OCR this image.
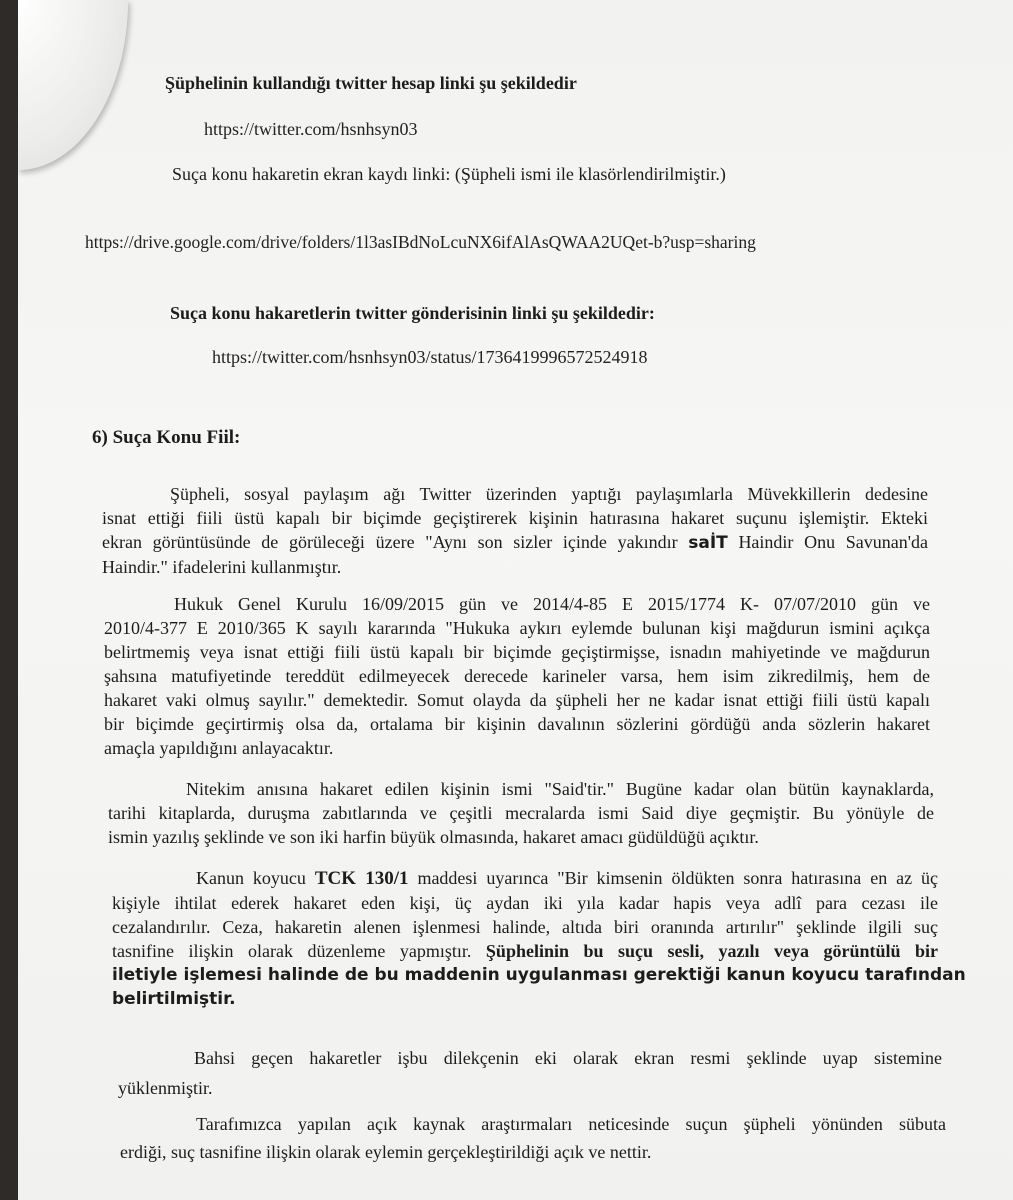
Şüphelinin kullandığı twitter hesap linki şu şekildedir
https://twitter.com/hsnhsyn03
Suça konu hakaretin ekran kaydı linki: (Şüpheli ismi ile klasörlendirilmiştir.)
https://drive.google.com/drive/folders/1l3asIBdNoLcuNX6ifAlAsQWAA2UQet-b?usp=sharing
Suça konu hakaretlerin twitter gönderisinin linki şu şekildedir:
https://twitter.com/hsnhsyn03/status/1736419996572524918
6) Suça Konu Fiil:
Şüpheli, sosyal paylaşım ağı Twitter üzerinden yaptığı paylaşımlarla Müvekkillerin dedesine
isnat ettiği fiili üstü kapalı bir biçimde geçiştirerek kişinin hatırasına hakaret suçunu işlemiştir. Ekteki
ekran görüntüsünde de görüleceği üzere "Aynı son sizler içinde yakındır saİT Haindir Onu Savunan'da
Haindir." ifadelerini kullanmıştır.
Hukuk Genel Kurulu 16/09/2015 gün ve 2014/4-85 E 2015/1774 K- 07/07/2010 gün ve
2010/4-377 E 2010/365 K sayılı kararında "Hukuka aykırı eylemde bulunan kişi mağdurun ismini açıkça
belirtmemiş veya isnat ettiği fiili üstü kapalı bir biçimde geçiştirmişse, isnadın mahiyetinde ve mağdurun
şahsına matufiyetinde tereddüt edilmeyecek derecede karineler varsa, hem isim zikredilmiş, hem de
hakaret vaki olmuş sayılır." demektedir. Somut olayda da şüpheli her ne kadar isnat ettiği fiili üstü kapalı
bir biçimde geçirtirmiş olsa da, ortalama bir kişinin davalının sözlerini gördüğü anda sözlerin hakaret
amaçla yapıldığını anlayacaktır.
Nitekim anısına hakaret edilen kişinin ismi "Said'tir." Bugüne kadar olan bütün kaynaklarda,
tarihi kitaplarda, duruşma zabıtlarında ve çeşitli mecralarda ismi Said diye geçmiştir. Bu yönüyle de
ismin yazılış şeklinde ve son iki harfin büyük olmasında, hakaret amacı güdüldüğü açıktır.
Kanun koyucu TCK 130/1 maddesi uyarınca "Bir kimsenin öldükten sonra hatırasına en az üç
kişiyle ihtilat ederek hakaret eden kişi, üç aydan iki yıla kadar hapis veya adlî para cezası ile
cezalandırılır. Ceza, hakaretin alenen işlenmesi halinde, altıda biri oranında artırılır" şeklinde ilgili suç
tasnifine ilişkin olarak düzenleme yapmıştır. Şüphelinin bu suçu sesli, yazılı veya görüntülü bir
iletiyle işlemesi halinde de bu maddenin uygulanması gerektiği kanun koyucu tarafından
belirtilmiştir.
Bahsi geçen hakaretler işbu dilekçenin eki olarak ekran resmi şeklinde uyap sistemine
yüklenmiştir.
Tarafımızca yapılan açık kaynak araştırmaları neticesinde suçun şüpheli yönünden sübuta
erdiği, suç tasnifine ilişkin olarak eylemin gerçekleştirildiği açık ve nettir.
